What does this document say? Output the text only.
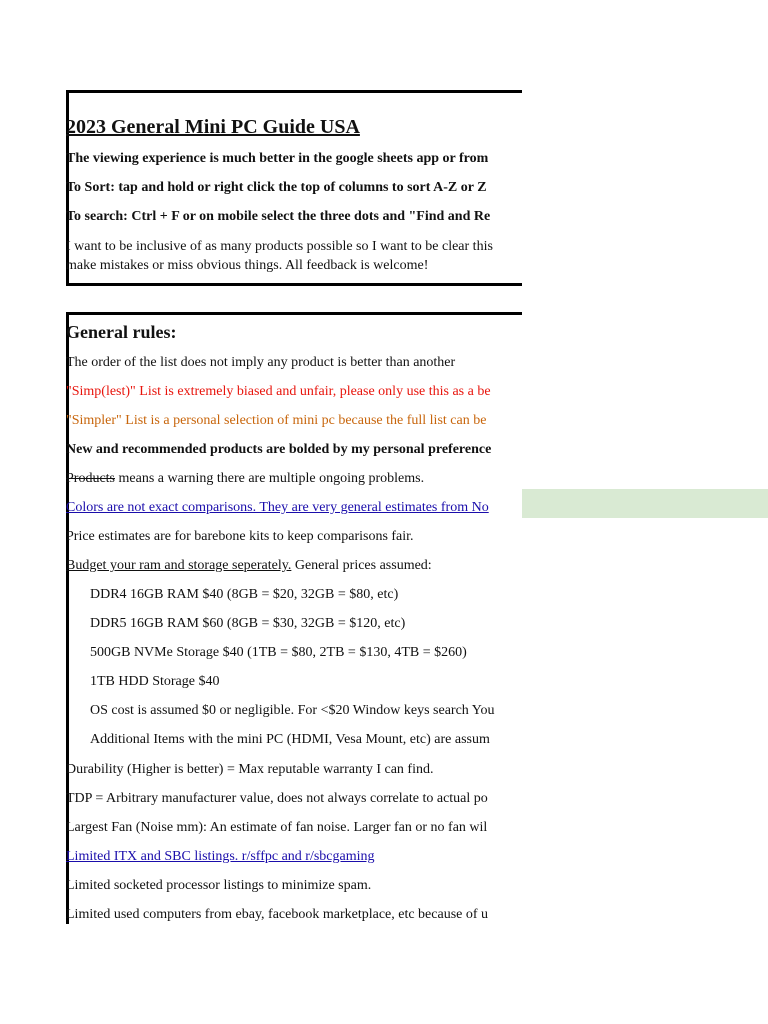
2023 General Mini PC Guide USA
The viewing experience is much better in the google sheets app or from
To Sort: tap and hold or right click the top of columns to sort A-Z or Z
To search: Ctrl + F or on mobile select the three dots and "Find and Re
I want to be inclusive of as many products possible so I want to be clear this
make mistakes or miss obvious things. All feedback is welcome!
General rules:
The order of the list does not imply any product is better than another
"Simp(lest)" List is extremely biased and unfair, please only use this as a be
"Simpler" List is a personal selection of mini pc because the full list can be
New and recommended products are bolded by my personal preference
Products means a warning there are multiple ongoing problems.
Colors are not exact comparisons. They are very general estimates from No
Price estimates are for barebone kits to keep comparisons fair.
Budget your ram and storage seperately. General prices assumed:
DDR4 16GB RAM $40 (8GB = $20, 32GB = $80, etc)
DDR5 16GB RAM $60 (8GB = $30, 32GB = $120, etc)
500GB NVMe Storage $40 (1TB = $80, 2TB = $130, 4TB = $260)
1TB HDD Storage $40
OS cost is assumed $0 or negligible. For <$20 Window keys search You
Additional Items with the mini PC (HDMI, Vesa Mount, etc) are assum
Durability (Higher is better) = Max reputable warranty I can find.
TDP = Arbitrary manufacturer value, does not always correlate to actual po
Largest Fan (Noise mm): An estimate of fan noise. Larger fan or no fan wil
Limited ITX and SBC listings. r/sffpc and r/sbcgaming
Limited socketed processor listings to minimize spam.
Limited used computers from ebay, facebook marketplace, etc because of u
